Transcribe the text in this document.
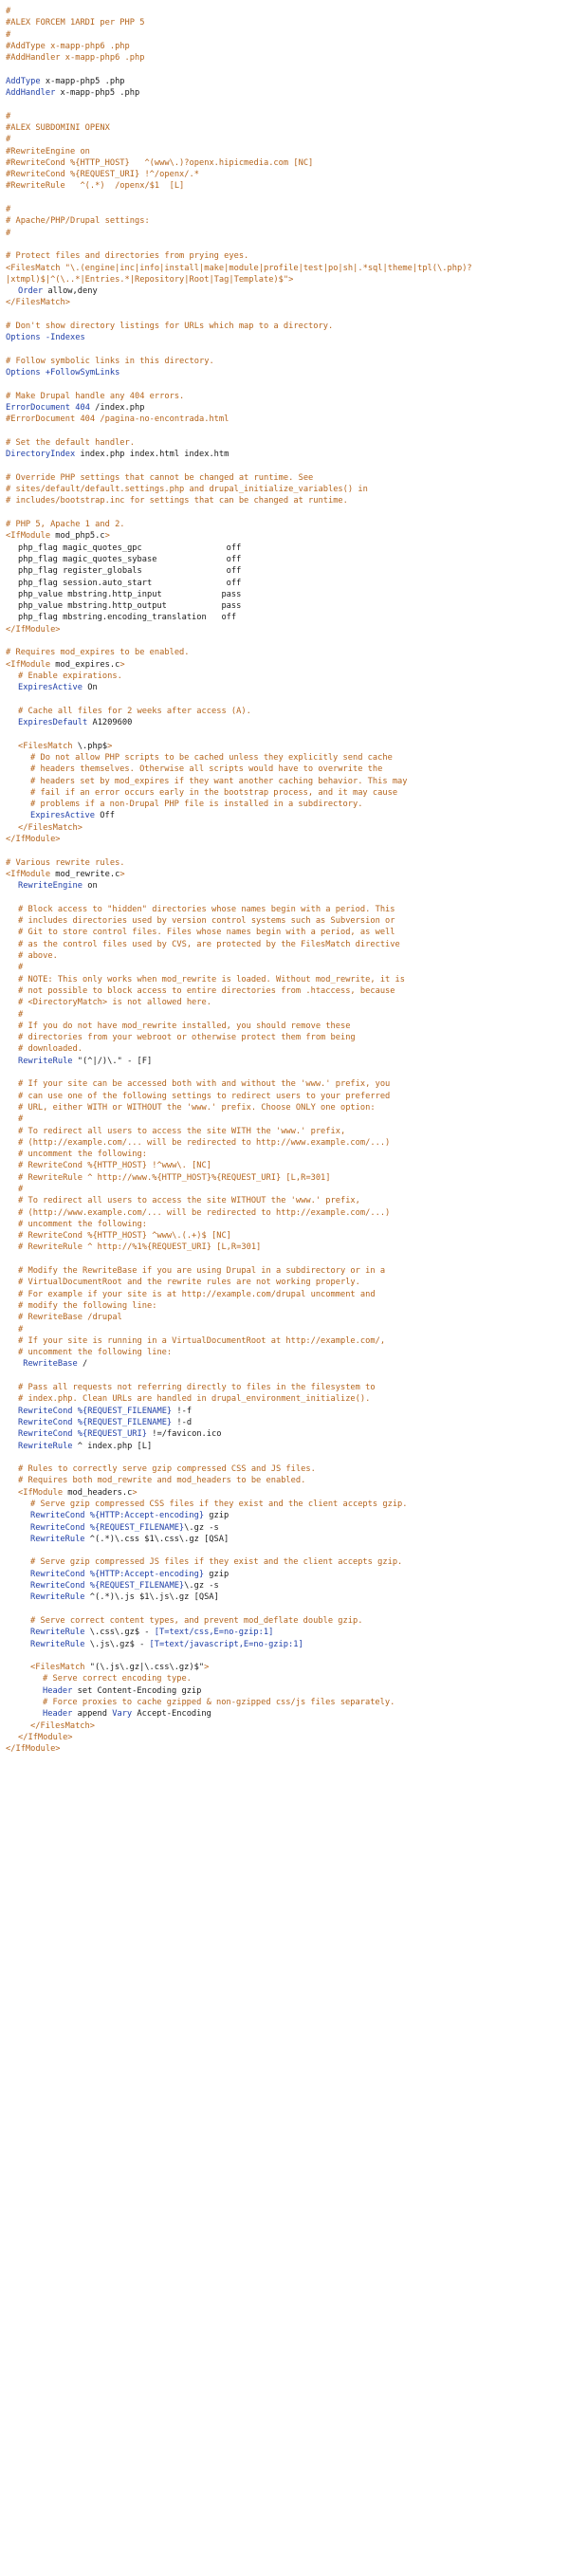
#
#ALEX FORCEM 1ARDI per PHP 5
#
#AddType x-mapp-php6 .php
#AddHandler x-mapp-php6 .php

AddType x-mapp-php5 .php
AddHandler x-mapp-php5 .php

#
#ALEX SUBDOMINI OPENX
#
#RewriteEngine on
#RewriteCond %{HTTP_HOST}   ^(www\.)?openx.hipicmedia.com [NC]
#RewriteCond %{REQUEST_URI} !^/openx/.*
#RewriteRule   ^(.*)  /openx/$1  [L]

#
# Apache/PHP/Drupal settings:
#

# Protect files and directories from prying eyes.
<FilesMatch "\.(engine|inc|info|install|make|module|profile|test|po|sh|.*sql|theme|tpl(\.php)?
|xtmpl)$|^(\..*|Entries.*|Repository|Root|Tag|Template)$">
Order allow,deny
</FilesMatch>

# Don't show directory listings for URLs which map to a directory.
Options -Indexes

# Follow symbolic links in this directory.
Options +FollowSymLinks

# Make Drupal handle any 404 errors.
ErrorDocument 404 /index.php
#ErrorDocument 404 /pagina-no-encontrada.html

# Set the default handler.
DirectoryIndex index.php index.html index.htm

# Override PHP settings that cannot be changed at runtime. See
# sites/default/default.settings.php and drupal_initialize_variables() in
# includes/bootstrap.inc for settings that can be changed at runtime.

# PHP 5, Apache 1 and 2.
<IfModule mod_php5.c>
php_flag magic_quotes_gpc                 off
php_flag magic_quotes_sybase              off
php_flag register_globals                 off
php_flag session.auto_start               off
php_value mbstring.http_input            pass
php_value mbstring.http_output           pass
php_flag mbstring.encoding_translation   off
</IfModule>

# Requires mod_expires to be enabled.
<IfModule mod_expires.c>
# Enable expirations.
ExpiresActive On

# Cache all files for 2 weeks after access (A).
ExpiresDefault A1209600

<FilesMatch \.php$>
# Do not allow PHP scripts to be cached unless they explicitly send cache
# headers themselves. Otherwise all scripts would have to overwrite the
# headers set by mod_expires if they want another caching behavior. This may
# fail if an error occurs early in the bootstrap process, and it may cause
# problems if a non-Drupal PHP file is installed in a subdirectory.
ExpiresActive Off
</FilesMatch>
</IfModule>

# Various rewrite rules.
<IfModule mod_rewrite.c>
RewriteEngine on

# Block access to "hidden" directories whose names begin with a period. This
# includes directories used by version control systems such as Subversion or
# Git to store control files. Files whose names begin with a period, as well
# as the control files used by CVS, are protected by the FilesMatch directive
# above.
#
# NOTE: This only works when mod_rewrite is loaded. Without mod_rewrite, it is
# not possible to block access to entire directories from .htaccess, because
# <DirectoryMatch> is not allowed here.
#
# If you do not have mod_rewrite installed, you should remove these
# directories from your webroot or otherwise protect them from being
# downloaded.
RewriteRule "(^|/)\." - [F]

# If your site can be accessed both with and without the 'www.' prefix, you
# can use one of the following settings to redirect users to your preferred
# URL, either WITH or WITHOUT the 'www.' prefix. Choose ONLY one option:
#
# To redirect all users to access the site WITH the 'www.' prefix,
# (http://example.com/... will be redirected to http://www.example.com/...)
# uncomment the following:
# RewriteCond %{HTTP_HOST} !^www\. [NC]
# RewriteRule ^ http://www.%{HTTP_HOST}%{REQUEST_URI} [L,R=301]
#
# To redirect all users to access the site WITHOUT the 'www.' prefix,
# (http://www.example.com/... will be redirected to http://example.com/...)
# uncomment the following:
# RewriteCond %{HTTP_HOST} ^www\.(.+)$ [NC]
# RewriteRule ^ http://%1%{REQUEST_URI} [L,R=301]

# Modify the RewriteBase if you are using Drupal in a subdirectory or in a
# VirtualDocumentRoot and the rewrite rules are not working properly.
# For example if your site is at http://example.com/drupal uncomment and
# modify the following line:
# RewriteBase /drupal
#
# If your site is running in a VirtualDocumentRoot at http://example.com/,
# uncomment the following line:
RewriteBase /

# Pass all requests not referring directly to files in the filesystem to
# index.php. Clean URLs are handled in drupal_environment_initialize().
RewriteCond %{REQUEST_FILENAME} !-f
RewriteCond %{REQUEST_FILENAME} !-d
RewriteCond %{REQUEST_URI} !=/favicon.ico
RewriteRule ^ index.php [L]

# Rules to correctly serve gzip compressed CSS and JS files.
# Requires both mod_rewrite and mod_headers to be enabled.
<IfModule mod_headers.c>
# Serve gzip compressed CSS files if they exist and the client accepts gzip.
RewriteCond %{HTTP:Accept-encoding} gzip
RewriteCond %{REQUEST_FILENAME}\.gz -s
RewriteRule ^(.*)\.css $1\.css\.gz [QSA]

# Serve gzip compressed JS files if they exist and the client accepts gzip.
RewriteCond %{HTTP:Accept-encoding} gzip
RewriteCond %{REQUEST_FILENAME}\.gz -s
RewriteRule ^(.*)\.js $1\.js\.gz [QSA]

# Serve correct content types, and prevent mod_deflate double gzip.
RewriteRule \.css\.gz$ - [T=text/css,E=no-gzip:1]
RewriteRule \.js\.gz$ - [T=text/javascript,E=no-gzip:1]

<FilesMatch "(\.js\.gz|\.css\.gz)$">
# Serve correct encoding type.
Header set Content-Encoding gzip
# Force proxies to cache gzipped & non-gzipped css/js files separately.
Header append Vary Accept-Encoding
</FilesMatch>
</IfModule>
</IfModule>
